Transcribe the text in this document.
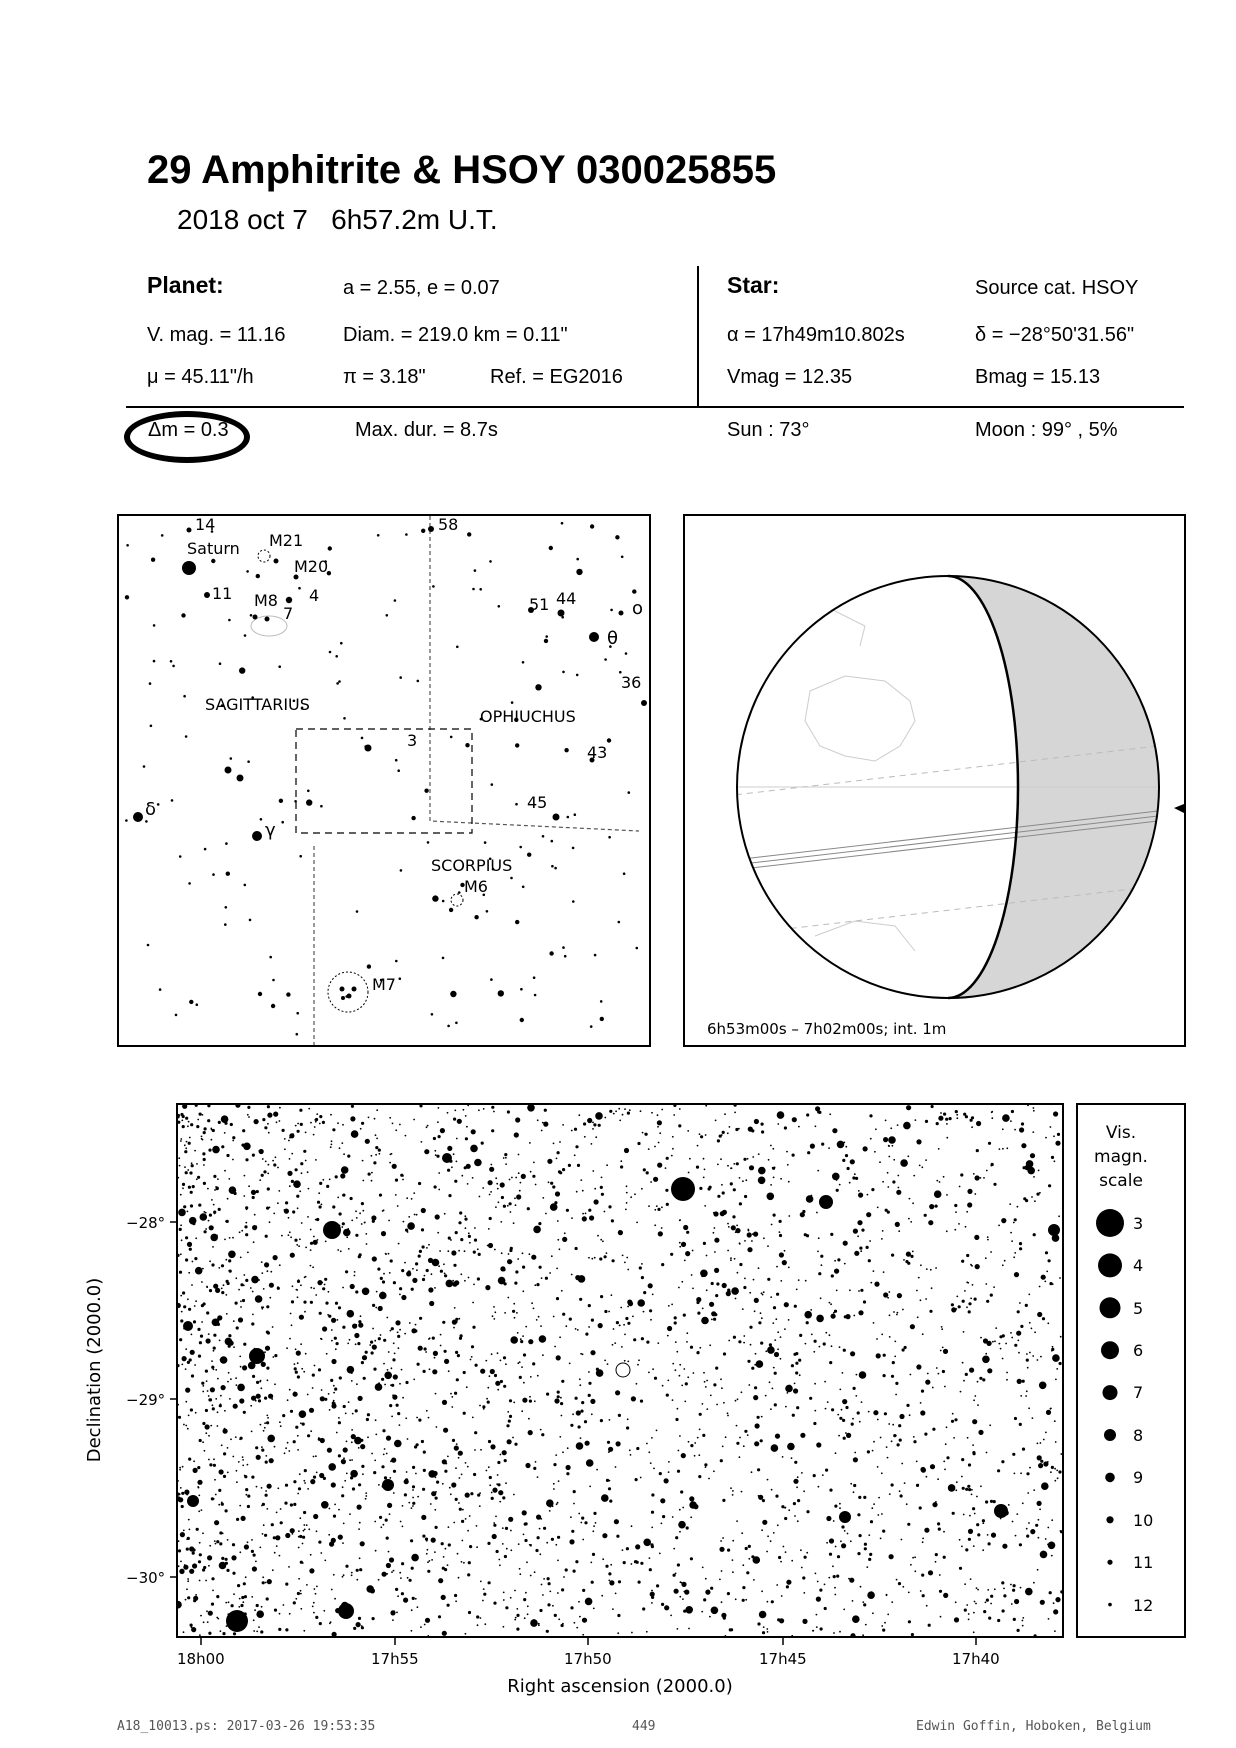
29 Amphitrite & HSOY 030025855
2018 oct 7 6h57.2m U.T.
Planet:	a = 2.55, e = 0.07
V. mag. = 11.16	Diam. = 219.0 km = 0.11"
μ = 45.11"/h	π = 3.18"	Ref. = EG2016
Star:	Source cat. HSOY
α = 17h49m10.802s	δ = −28°50'31.56"
Vmag = 12.35	Bmag = 15.13
Δm = 0.3	Max. dur. = 8.7s	Sun : 73°	Moon : 99° , 5%
14
Saturn M21
M20
11 M8 4
7
58
51 44	o
θ
36
SAGITTARIUS
OPHIUCHUS
3
43
45
δ
γ
SCORPIUS
M6
M7
6h53m00s – 7h02m00s; int. 1m
−28°
−29°
−30°
18h00	17h55	17h50	17h45	17h40
Right ascension (2000.0)
Declination (2000.0)
Vis.
magn.
scale
3
4
5
6
7
8
9
10
11
12
A18_10013.ps: 2017-03-26 19:53:35	449	Edwin Goffin, Hoboken, Belgium
